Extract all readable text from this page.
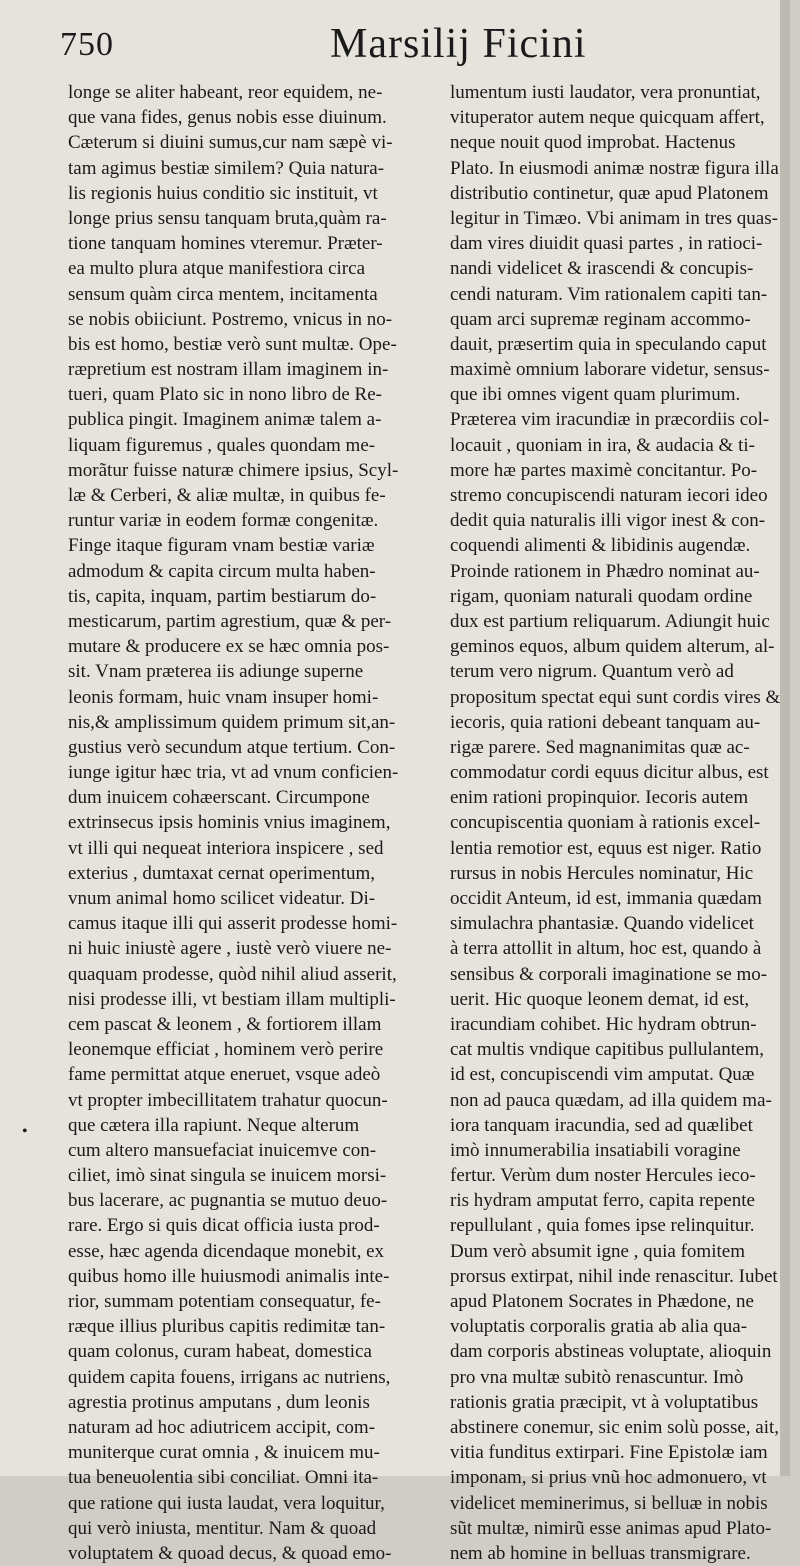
750	Marsilij Ficini
•
longe se aliter habeant, reor equidem, ne-
que vana fides, genus nobis esse diuinum.
Cæterum si diuini sumus,cur nam sæpè vi-
tam agimus bestiæ similem? Quia natura-
lis regionis huius conditio sic instituit, vt
longe prius sensu tanquam bruta,quàm ra-
tione tanquam homines vteremur. Præter-
ea multo plura atque manifestiora circa
sensum quàm circa mentem, incitamenta
se nobis obiiciunt. Postremo, vnicus in no-
bis est homo, bestiæ verò sunt multæ. Ope-
ræpretium est nostram illam imaginem in-
tueri, quam Plato sic in nono libro de Re-
publica pingit. Imaginem animæ talem a-
liquam figuremus , quales quondam me-
morãtur fuisse naturæ chimere ipsius, Scyl-
læ & Cerberi, & aliæ multæ, in quibus fe-
runtur variæ in eodem formæ congenitæ.
Finge itaque figuram vnam bestiæ variæ
admodum & capita circum multa haben-
tis, capita, inquam, partim bestiarum do-
mesticarum, partim agrestium, quæ & per-
mutare & producere ex se hæc omnia pos-
sit. Vnam præterea iis adiunge superne
leonis formam, huic vnam insuper homi-
nis,& amplissimum quidem primum sit,an-
gustius verò secundum atque tertium. Con-
iunge igitur hæc tria, vt ad vnum conficien-
dum inuicem cohæerscant. Circumpone
extrinsecus ipsis hominis vnius imaginem,
vt illi qui nequeat interiora inspicere , sed
exterius , dumtaxat cernat operimentum,
vnum animal homo scilicet videatur. Di-
camus itaque illi qui asserit prodesse homi-
ni huic iniustè agere , iustè verò viuere ne-
quaquam prodesse, quòd nihil aliud asserit,
nisi prodesse illi, vt bestiam illam multipli-
cem pascat & leonem , & fortiorem illam
leonemque efficiat , hominem verò perire
fame permittat atque eneruet, vsque adeò
vt propter imbecillitatem trahatur quocun-
que cætera illa rapiunt. Neque alterum
cum altero mansuefaciat inuicemve con-
ciliet, imò sinat singula se inuicem morsi-
bus lacerare, ac pugnantia se mutuo deuo-
rare. Ergo si quis dicat officia iusta prod-
esse, hæc agenda dicendaque monebit, ex
quibus homo ille huiusmodi animalis inte-
rior, summam potentiam consequatur, fe-
ræque illius pluribus capitis redimitæ tan-
quam colonus, curam habeat, domestica
quidem capita fouens, irrigans ac nutriens,
agrestia protinus amputans , dum leonis
naturam ad hoc adiutricem accipit, com-
muniterque curat omnia , & inuicem mu-
tua beneuolentia sibi conciliat. Omni ita-
que ratione qui iusta laudat, vera loquitur,
qui verò iniusta, mentitur. Nam & quoad
voluptatem & quoad decus, & quoad emo-
lumentum iusti laudator, vera pronuntiat,
vituperator autem neque quicquam affert,
neque nouit quod improbat. Hactenus
Plato. In eiusmodi animæ nostræ figura illa
distributio continetur, quæ apud Platonem
legitur in Timæo. Vbi animam in tres quas-
dam vires diuidit quasi partes , in ratioci-
nandi videlicet & irascendi & concupis-
cendi naturam. Vim rationalem capiti tan-
quam arci supremæ reginam accommo-
dauit, præsertim quia in speculando caput
maximè omnium laborare videtur, sensus-
que ibi omnes vigent quam plurimum.
Præterea vim iracundiæ in præcordiis col-
locauit , quoniam in ira, & audacia & ti-
more hæ partes maximè concitantur. Po-
stremo concupiscendi naturam iecori ideo
dedit quia naturalis illi vigor inest & con-
coquendi alimenti & libidinis augendæ.
Proinde rationem in Phædro nominat au-
rigam, quoniam naturali quodam ordine
dux est partium reliquarum. Adiungit huic
geminos equos, album quidem alterum, al-
terum vero nigrum. Quantum verò ad
propositum spectat equi sunt cordis vires &
iecoris, quia rationi debeant tanquam au-
rigæ parere. Sed magnanimitas quæ ac-
commodatur cordi equus dicitur albus, est
enim rationi propinquior. Iecoris autem
concupiscentia quoniam à rationis excel-
lentia remotior est, equus est niger. Ratio
rursus in nobis Hercules nominatur, Hic
occidit Anteum, id est, immania quædam
simulachra phantasiæ. Quando videlicet
à terra attollit in altum, hoc est, quando à
sensibus & corporali imaginatione se mo-
uerit. Hic quoque leonem demat, id est,
iracundiam cohibet. Hic hydram obtrun-
cat multis vndique capitibus pullulantem,
id est, concupiscendi vim amputat. Quæ
non ad pauca quædam, ad illa quidem ma-
iora tanquam iracundia, sed ad quælibet
imò innumerabilia insatiabili voragine
fertur. Verùm dum noster Hercules ieco-
ris hydram amputat ferro, capita repente
repullulant , quia fomes ipse relinquitur.
Dum verò absumit igne , quia fomitem
prorsus extirpat, nihil inde renascitur. Iubet
apud Platonem Socrates in Phædone, ne
voluptatis corporalis gratia ab alia qua-
dam corporis abstineas voluptate, alioquin
pro vna multæ subitò renascuntur. Imò
rationis gratia præcipit, vt à voluptatibus
abstinere conemur, sic enim solù posse, ait,
vitia funditus extirpari. Fine Epistolæ iam
imponam, si prius vnũ hoc admonuero, vt
videlicet meminerimus, si belluæ in nobis
sũt multæ, nimirũ esse animas apud Plato-
nem ab homine in belluas transmigrare.
